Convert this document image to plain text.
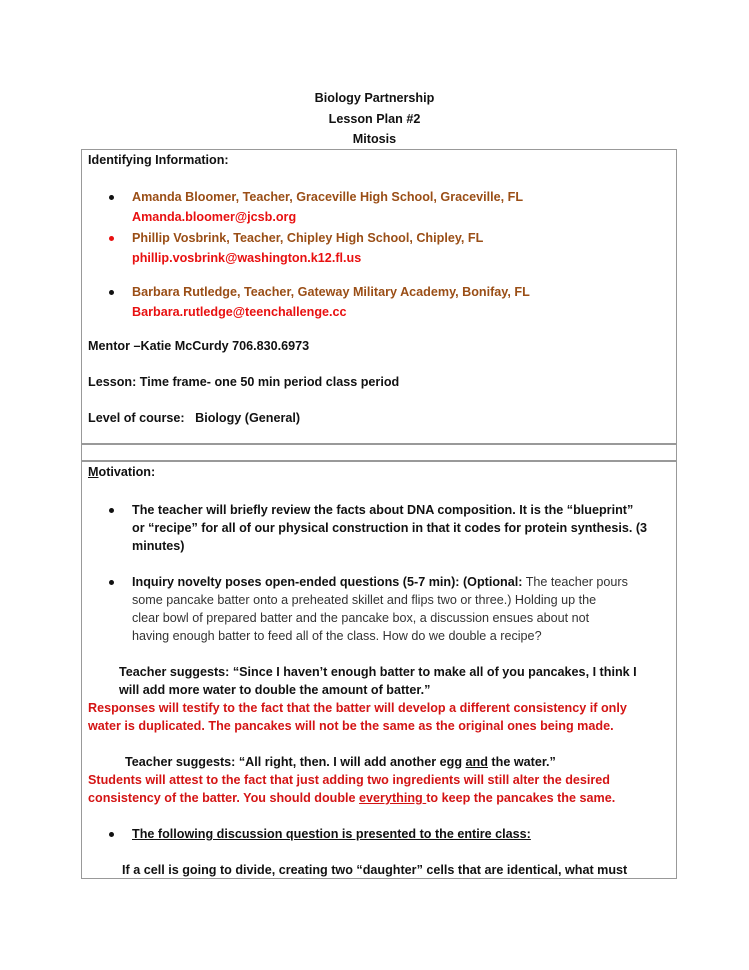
Biology Partnership
Lesson Plan #2
Mitosis
Identifying Information:
Amanda Bloomer, Teacher, Graceville High School, Graceville, FL
Amanda.bloomer@jcsb.org
Phillip Vosbrink, Teacher, Chipley High School, Chipley, FL
phillip.vosbrink@washington.k12.fl.us
Barbara Rutledge, Teacher, Gateway Military Academy, Bonifay, FL
Barbara.rutledge@teenchallenge.cc
Mentor –Katie McCurdy 706.830.6973
Lesson: Time frame- one 50 min period class period
Level of course: Biology (General)
Motivation:
The teacher will briefly review the facts about DNA composition. It is the “blueprint”
or “recipe” for all of our physical construction in that it codes for protein synthesis. (3
minutes)
Inquiry novelty poses open-ended questions (5-7 min): (Optional: The teacher pours
some pancake batter onto a preheated skillet and flips two or three.) Holding up the
clear bowl of prepared batter and the pancake box, a discussion ensues about not
having enough batter to feed all of the class. How do we double a recipe?
Teacher suggests: “Since I haven’t enough batter to make all of you pancakes, I think I
will add more water to double the amount of batter.”
Responses will testify to the fact that the batter will develop a different consistency if only
water is duplicated. The pancakes will not be the same as the original ones being made.
Teacher suggests: “All right, then. I will add another egg and the water.”
Students will attest to the fact that just adding two ingredients will still alter the desired
consistency of the batter. You should double everything to keep the pancakes the same.
The following discussion question is presented to the entire class:
If a cell is going to divide, creating two “daughter” cells that are identical, what must
